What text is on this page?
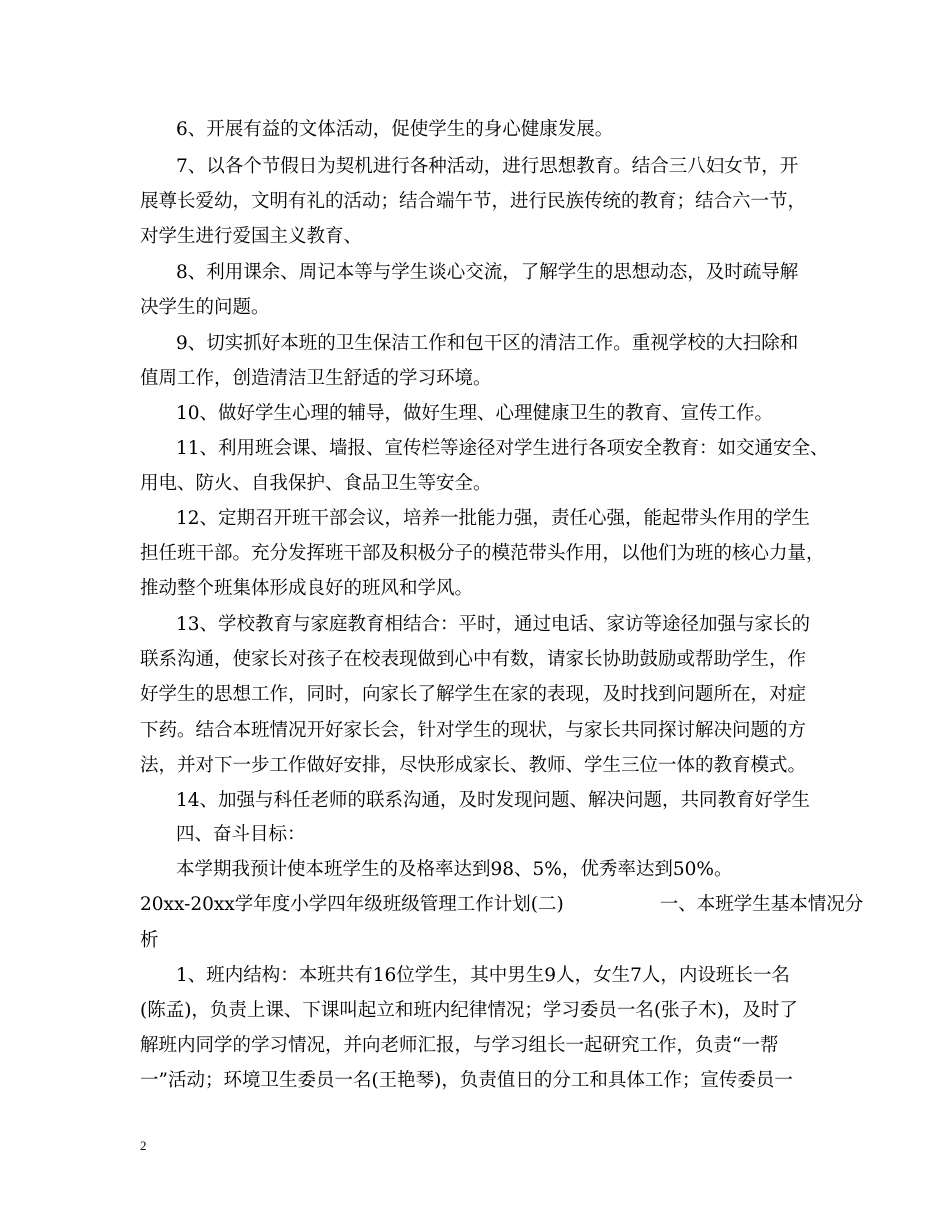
6、开展有益的文体活动，促使学生的身心健康发展。
7、以各个节假日为契机进行各种活动，进行思想教育。结合三八妇女节，开
展尊长爱幼，文明有礼的活动；结合端午节，进行民族传统的教育；结合六一节，
对学生进行爱国主义教育、
8、利用课余、周记本等与学生谈心交流，了解学生的思想动态，及时疏导解
决学生的问题。
9、切实抓好本班的卫生保洁工作和包干区的清洁工作。重视学校的大扫除和
值周工作，创造清洁卫生舒适的学习环境。
10、做好学生心理的辅导，做好生理、心理健康卫生的教育、宣传工作。
11、利用班会课、墙报、宣传栏等途径对学生进行各项安全教育：如交通安全、
用电、防火、自我保护、食品卫生等安全。
12、定期召开班干部会议，培养一批能力强，责任心强，能起带头作用的学生
担任班干部。充分发挥班干部及积极分子的模范带头作用，以他们为班的核心力量，
推动整个班集体形成良好的班风和学风。
13、学校教育与家庭教育相结合：平时，通过电话、家访等途径加强与家长的
联系沟通，使家长对孩子在校表现做到心中有数，请家长协助鼓励或帮助学生，作
好学生的思想工作，同时，向家长了解学生在家的表现，及时找到问题所在，对症
下药。结合本班情况开好家长会，针对学生的现状，与家长共同探讨解决问题的方
法，并对下一步工作做好安排，尽快形成家长、教师、学生三位一体的教育模式。
14、加强与科任老师的联系沟通，及时发现问题、解决问题，共同教育好学生
四、奋斗目标：
本学期我预计使本班学生的及格率达到98、5%，优秀率达到50%。
20xx-20xx学年度小学四年级班级管理工作计划(二)	一、本班学生基本情况分
析
1、班内结构：本班共有16位学生，其中男生9人，女生7人，内设班长一名
(陈孟)，负责上课、下课叫起立和班内纪律情况；学习委员一名(张子木)，及时了
解班内同学的学习情况，并向老师汇报，与学习组长一起研究工作，负责“一帮
一”活动；环境卫生委员一名(王艳琴)，负责值日的分工和具体工作；宣传委员一
2
